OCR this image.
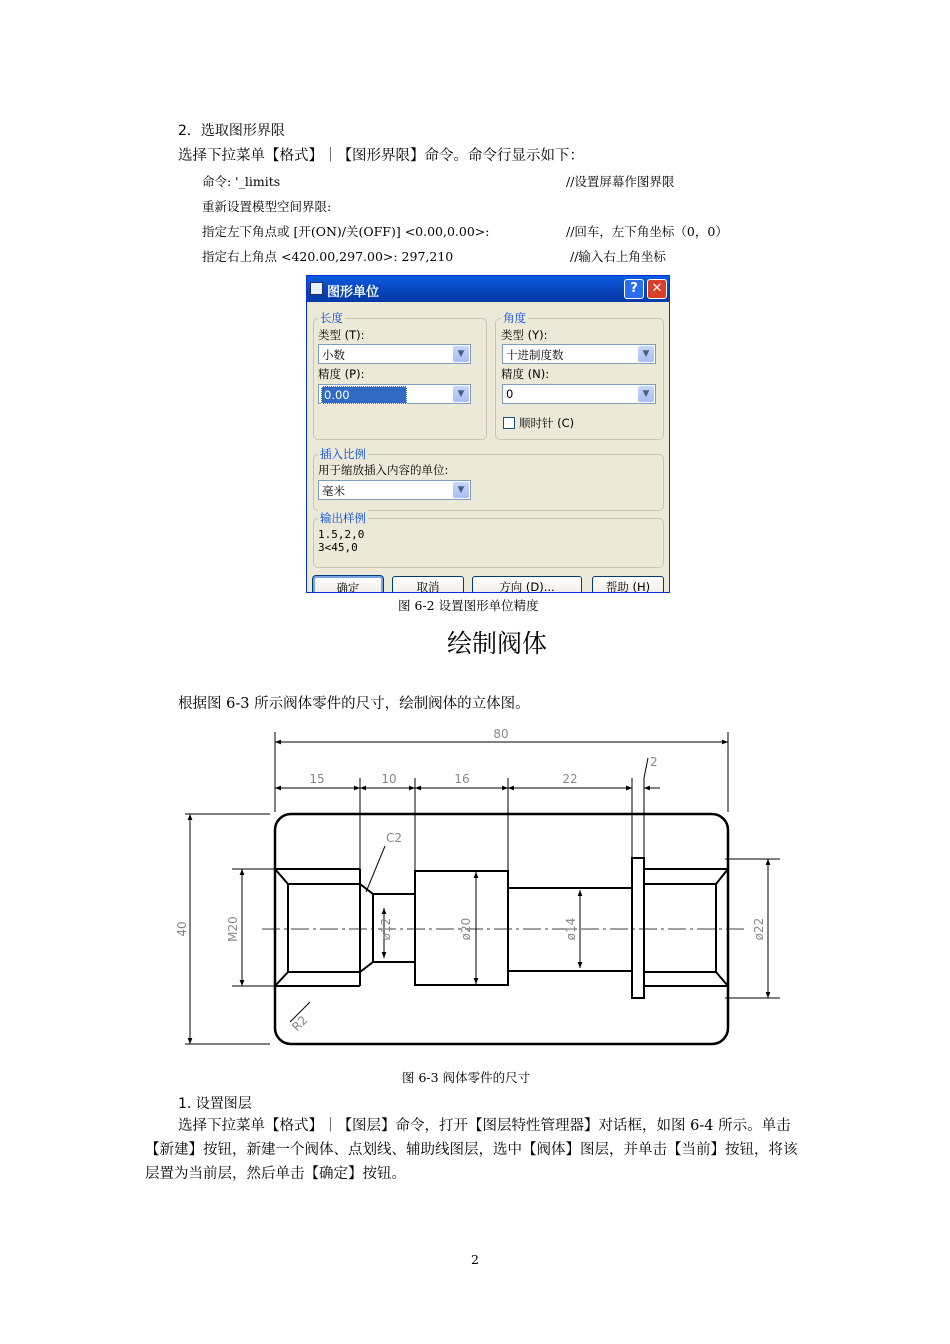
2．选取图形界限
选择下拉菜单【格式】｜【图形界限】命令。命令行显示如下：
命令: '_limits	//设置屏幕作图界限
重新设置模型空间界限:
指定左下角点或 [开(ON)/关(OFF)] <0.00,0.00>:	//回车，左下角坐标（0，0）
指定右上角点 <420.00,297.00>: 297,210	//输入右上角坐标
图形单位	?	✕
长度
类型 (T):
小数	▼
精度 (P):
0.00	▼
角度
类型 (Y):
十进制度数	▼
精度 (N):
0	▼
顺时针 (C)
插入比例
用于缩放插入内容的单位:
毫米	▼
输出样例
1.5,2,0
3<45,0
确定	取消	方向 (D)...	帮助 (H)
图 6-2 设置图形单位精度
绘制阀体
根据图 6-3 所示阀体零件的尺寸，绘制阀体的立体图。
80
15	10	16	22
2
C2
R2
40	M20	ø12	ø20	ø14	ø22
图 6-3 阀体零件的尺寸
1. 设置图层
选择下拉菜单【格式】｜【图层】命令，打开【图层特性管理器】对话框，如图 6-4 所示。单击【新建】按钮，新建一个阀体、点划线、辅助线图层，选中【阀体】图层，并单击【当前】按钮，将该层置为当前层，然后单击【确定】按钮。
2
